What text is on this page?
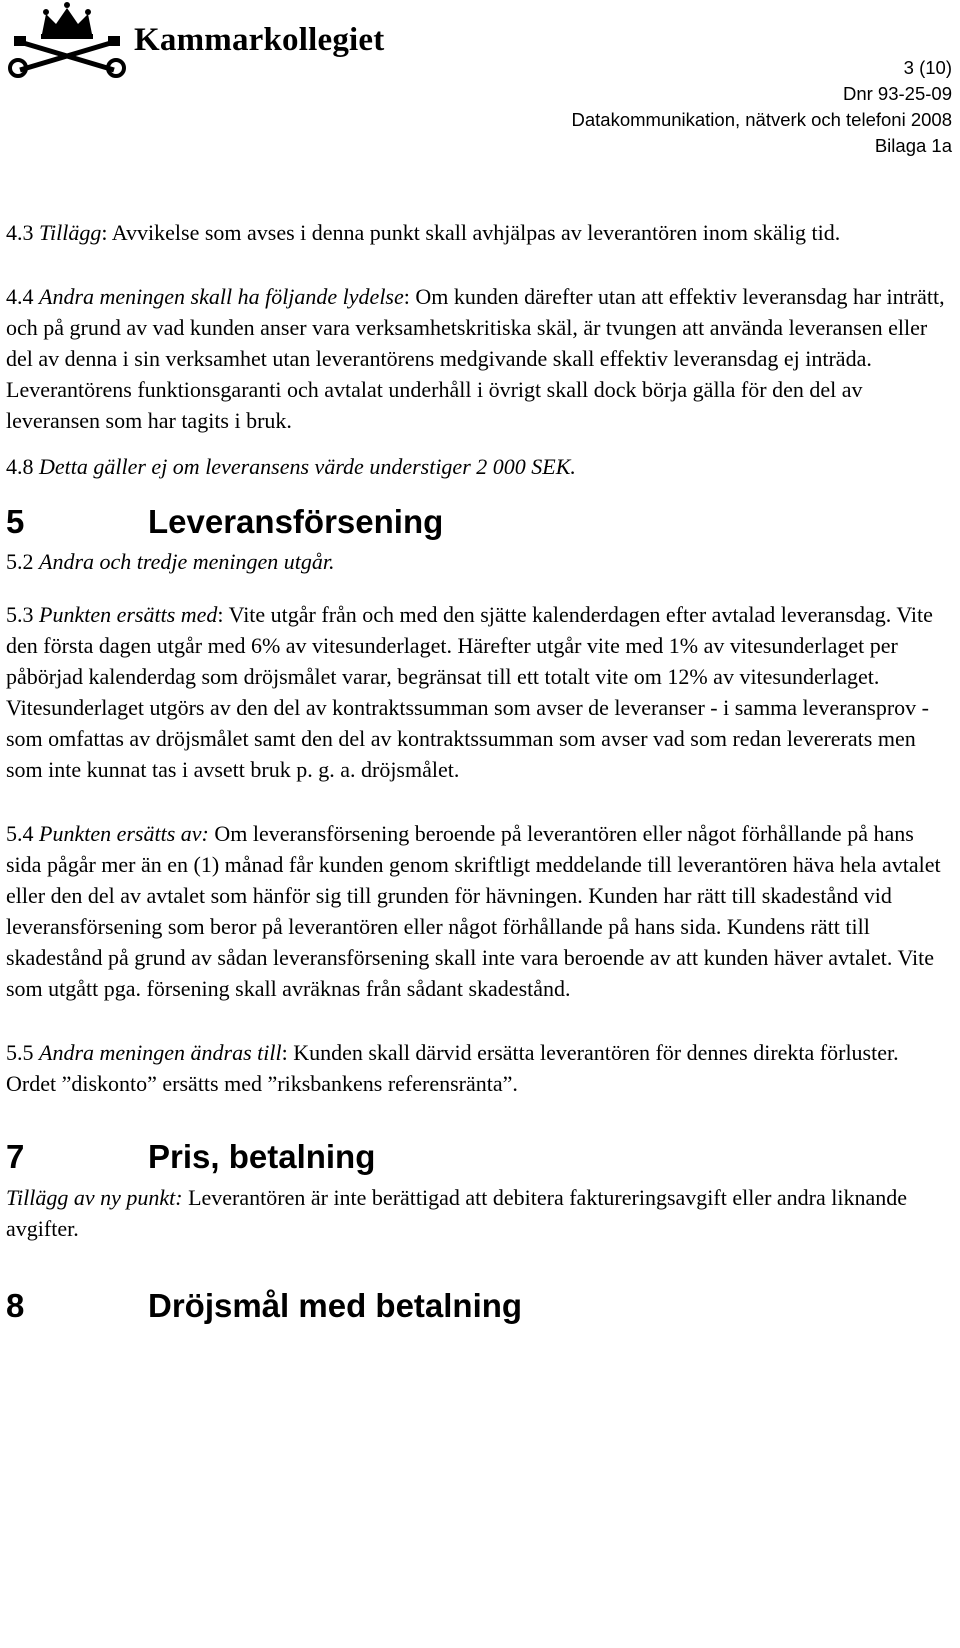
Kammarkollegiet
3 (10)
Dnr 93-25-09
Datakommunikation, nätverk och telefoni 2008
Bilaga 1a

4.3 Tillägg: Avvikelse som avses i denna punkt skall avhjälpas av leverantören inom skälig tid.

4.4 Andra meningen skall ha följande lydelse: Om kunden därefter utan att effektiv leveransdag har inträtt, och på grund av vad kunden anser vara verksamhetskritiska skäl, är tvungen att använda leveransen eller del av denna i sin verksamhet utan leverantörens medgivande skall effektiv leveransdag ej inträda. Leverantörens funktionsgaranti och avtalat underhåll i övrigt skall dock börja gälla för den del av leveransen som har tagits i bruk.

4.8 Detta gäller ej om leveransens värde understiger 2 000 SEK.

5	Leveransförsening

5.2 Andra och tredje meningen utgår.

5.3 Punkten ersätts med: Vite utgår från och med den sjätte kalenderdagen efter avtalad leveransdag. Vite den första dagen utgår med 6% av vitesunderlaget. Härefter utgår vite med 1% av vitesunderlaget per påbörjad kalenderdag som dröjsmålet varar, begränsat till ett totalt vite om 12% av vitesunderlaget. Vitesunderlaget utgörs av den del av kontraktssumman som avser de leveranser - i samma leveransprov - som omfattas av dröjsmålet samt den del av kontraktssumman som avser vad som redan levererats men som inte kunnat tas i avsett bruk p. g. a. dröjsmålet.

5.4 Punkten ersätts av: Om leveransförsening beroende på leverantören eller något förhållande på hans sida pågår mer än en (1) månad får kunden genom skriftligt meddelande till leverantören häva hela avtalet eller den del av avtalet som hänför sig till grunden för hävningen. Kunden har rätt till skadestånd vid leveransförsening som beror på leverantören eller något förhållande på hans sida. Kundens rätt till skadestånd på grund av sådan leveransförsening skall inte vara beroende av att kunden häver avtalet. Vite som utgått pga. försening skall avräknas från sådant skadestånd.

5.5 Andra meningen ändras till: Kunden skall därvid ersätta leverantören för dennes direkta förluster. Ordet ”diskonto” ersätts med ”riksbankens referensränta”.

7	Pris, betalning

Tillägg av ny punkt: Leverantören är inte berättigad att debitera faktureringsavgift eller andra liknande avgifter.

8	Dröjsmål med betalning
